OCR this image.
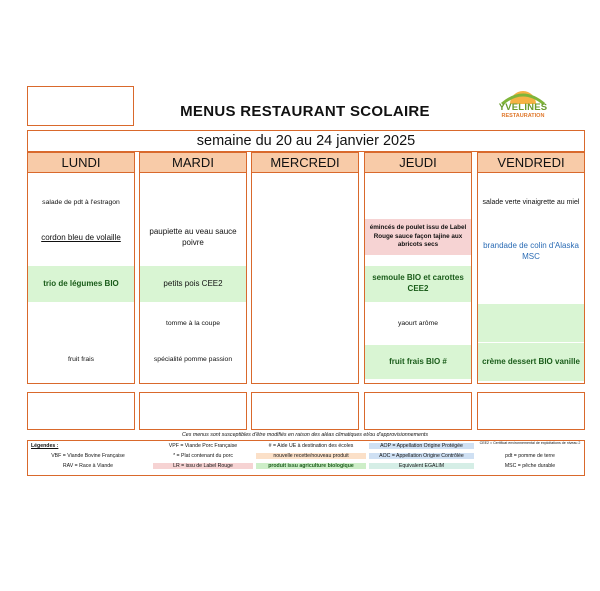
MENUS RESTAURANT SCOLAIRE	YVELINES
RESTAURATION
semaine du 20 au 24 janvier 2025
LUNDI
salade de pdt à l'estragon
cordon bleu de volaille
trio de légumes BIO
fruit frais
MARDI
paupiette au veau sauce poivre
petits pois CEE2
tomme à la coupe
spécialité pomme passion
MERCREDI	JEUDI
émincés de poulet issu de Label Rouge sauce façon tajine aux abricots secs
semoule BIO et carottes CEE2
yaourt arôme
fruit frais BIO #
VENDREDI
salade verte vinaigrette au miel
brandade de colin d'Alaska MSC
crème dessert BIO vanille
Ces menus sont susceptibles d'être modifiés en raison des aléas climatiques et/ou d'approvisionnements
Légendes :
VBF = Viande Bovine Française
RAV = Race à Viande
VPF = Viande Porc Française
* = Plat contenant du porc
LR = issu de Label Rouge
# = Aide UE à destination des écoles
nouvelle recette/nouveau produit
produit issu agriculture biologique
AOP = Appellation Origine Protégée
AOC = Appellation Origine Contrôlée
Equivalent EGALIM
CEE2 = Certificat environnemental de exploitations de niveau 2
pdt = pomme de terre
MSC = pêche durable
